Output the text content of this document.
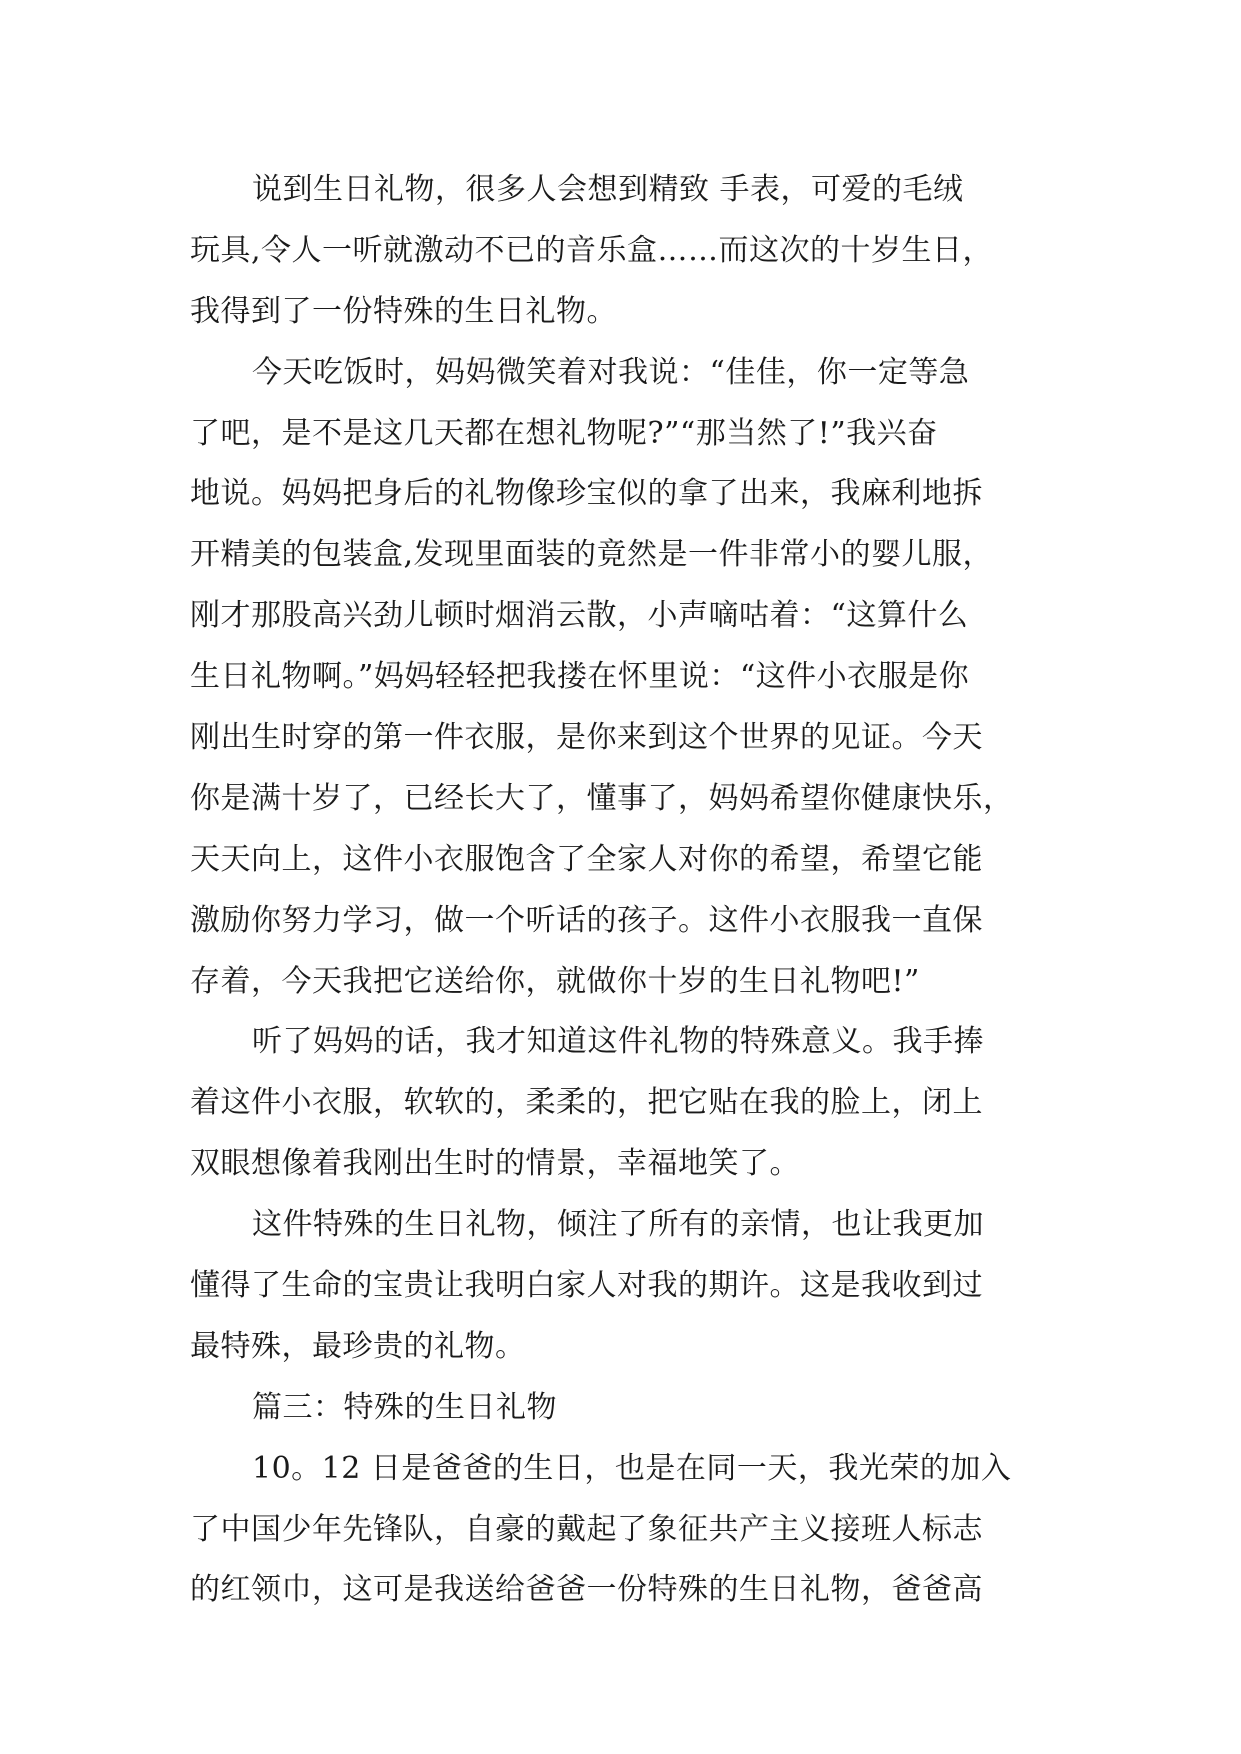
说到生日礼物，很多人会想到精致 手表，可爱的毛绒
玩具,令人一听就激动不已的音乐盒……而这次的十岁生日，
我得到了一份特殊的生日礼物。
今天吃饭时，妈妈微笑着对我说：“佳佳，你一定等急
了吧，是不是这几天都在想礼物呢?”“那当然了!”我兴奋
地说。妈妈把身后的礼物像珍宝似的拿了出来，我麻利地拆
开精美的包装盒,发现里面装的竟然是一件非常小的婴儿服，
刚才那股高兴劲儿顿时烟消云散，小声嘀咕着：“这算什么
生日礼物啊。”妈妈轻轻把我搂在怀里说：“这件小衣服是你
刚出生时穿的第一件衣服，是你来到这个世界的见证。今天
你是满十岁了，已经长大了，懂事了，妈妈希望你健康快乐，
天天向上，这件小衣服饱含了全家人对你的希望，希望它能
激励你努力学习，做一个听话的孩子。这件小衣服我一直保
存着，今天我把它送给你，就做你十岁的生日礼物吧!”
听了妈妈的话，我才知道这件礼物的特殊意义。我手捧
着这件小衣服，软软的，柔柔的，把它贴在我的脸上，闭上
双眼想像着我刚出生时的情景，幸福地笑了。
这件特殊的生日礼物，倾注了所有的亲情，也让我更加
懂得了生命的宝贵让我明白家人对我的期许。这是我收到过
最特殊，最珍贵的礼物。
篇三：特殊的生日礼物
10。12 日是爸爸的生日，也是在同一天，我光荣的加入
了中国少年先锋队，自豪的戴起了象征共产主义接班人标志
的红领巾，这可是我送给爸爸一份特殊的生日礼物，爸爸高
